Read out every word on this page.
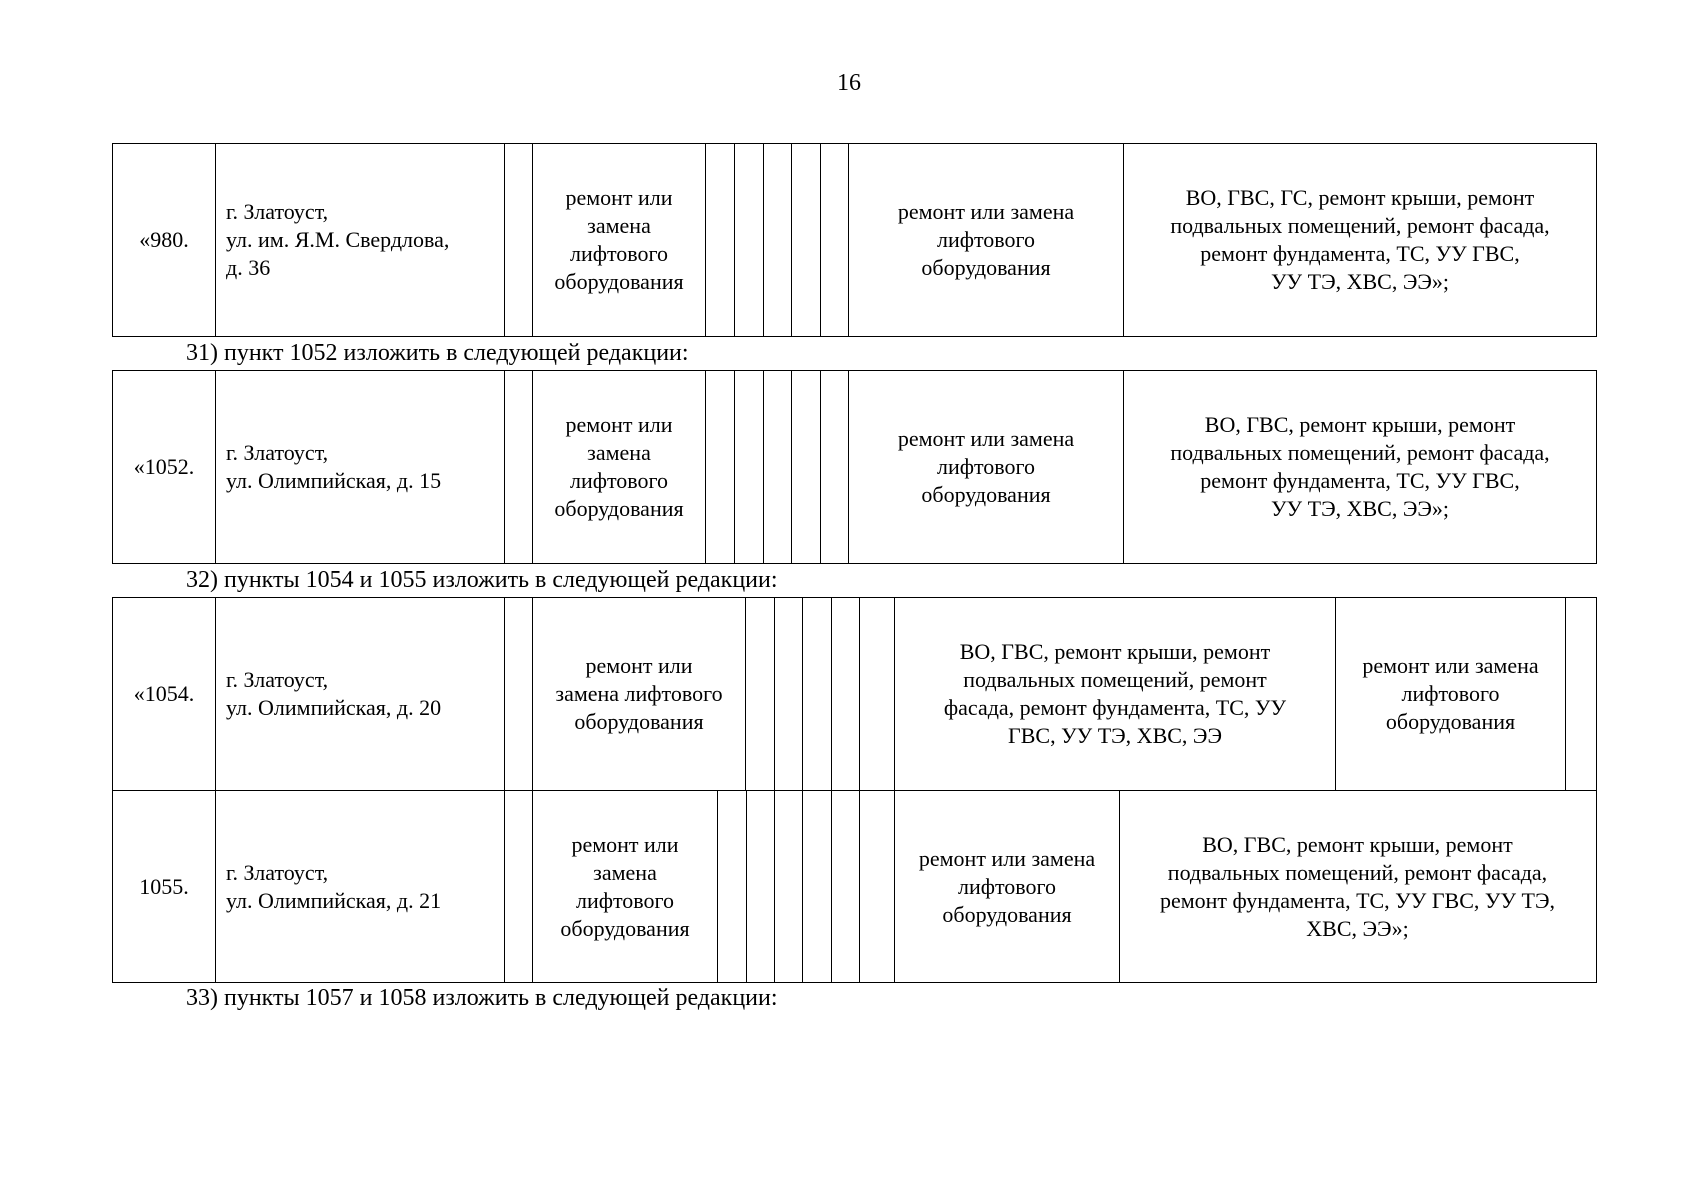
16
«980.
г. Златоуст,
ул. им. Я.М. Свердлова,
д. 36
ремонт или
замена
лифтового
оборудования
ремонт или замена
лифтового
оборудования
ВО, ГВС, ГС, ремонт крыши, ремонт
подвальных помещений, ремонт фасада,
ремонт фундамента, ТС, УУ ГВС,
УУ ТЭ, ХВС, ЭЭ»;
31) пункт 1052 изложить в следующей редакции:
«1052.
г. Златоуст,
ул. Олимпийская, д. 15
ремонт или
замена
лифтового
оборудования
ремонт или замена
лифтового
оборудования
ВО, ГВС, ремонт крыши, ремонт
подвальных помещений, ремонт фасада,
ремонт фундамента, ТС, УУ ГВС,
УУ ТЭ, ХВС, ЭЭ»;
32) пункты 1054 и 1055 изложить в следующей редакции:
«1054.
г. Златоуст,
ул. Олимпийская, д. 20
ремонт или
замена лифтового
оборудования
ВО, ГВС, ремонт крыши, ремонт
подвальных помещений, ремонт
фасада, ремонт фундамента, ТС, УУ
ГВС, УУ ТЭ, ХВС, ЭЭ
ремонт или замена
лифтового
оборудования
1055.
г. Златоуст,
ул. Олимпийская, д. 21
ремонт или
замена
лифтового
оборудования
ремонт или замена
лифтового
оборудования
ВО, ГВС, ремонт крыши, ремонт
подвальных помещений, ремонт фасада,
ремонт фундамента, ТС, УУ ГВС, УУ ТЭ,
ХВС, ЭЭ»;
33) пункты 1057 и 1058 изложить в следующей редакции:
